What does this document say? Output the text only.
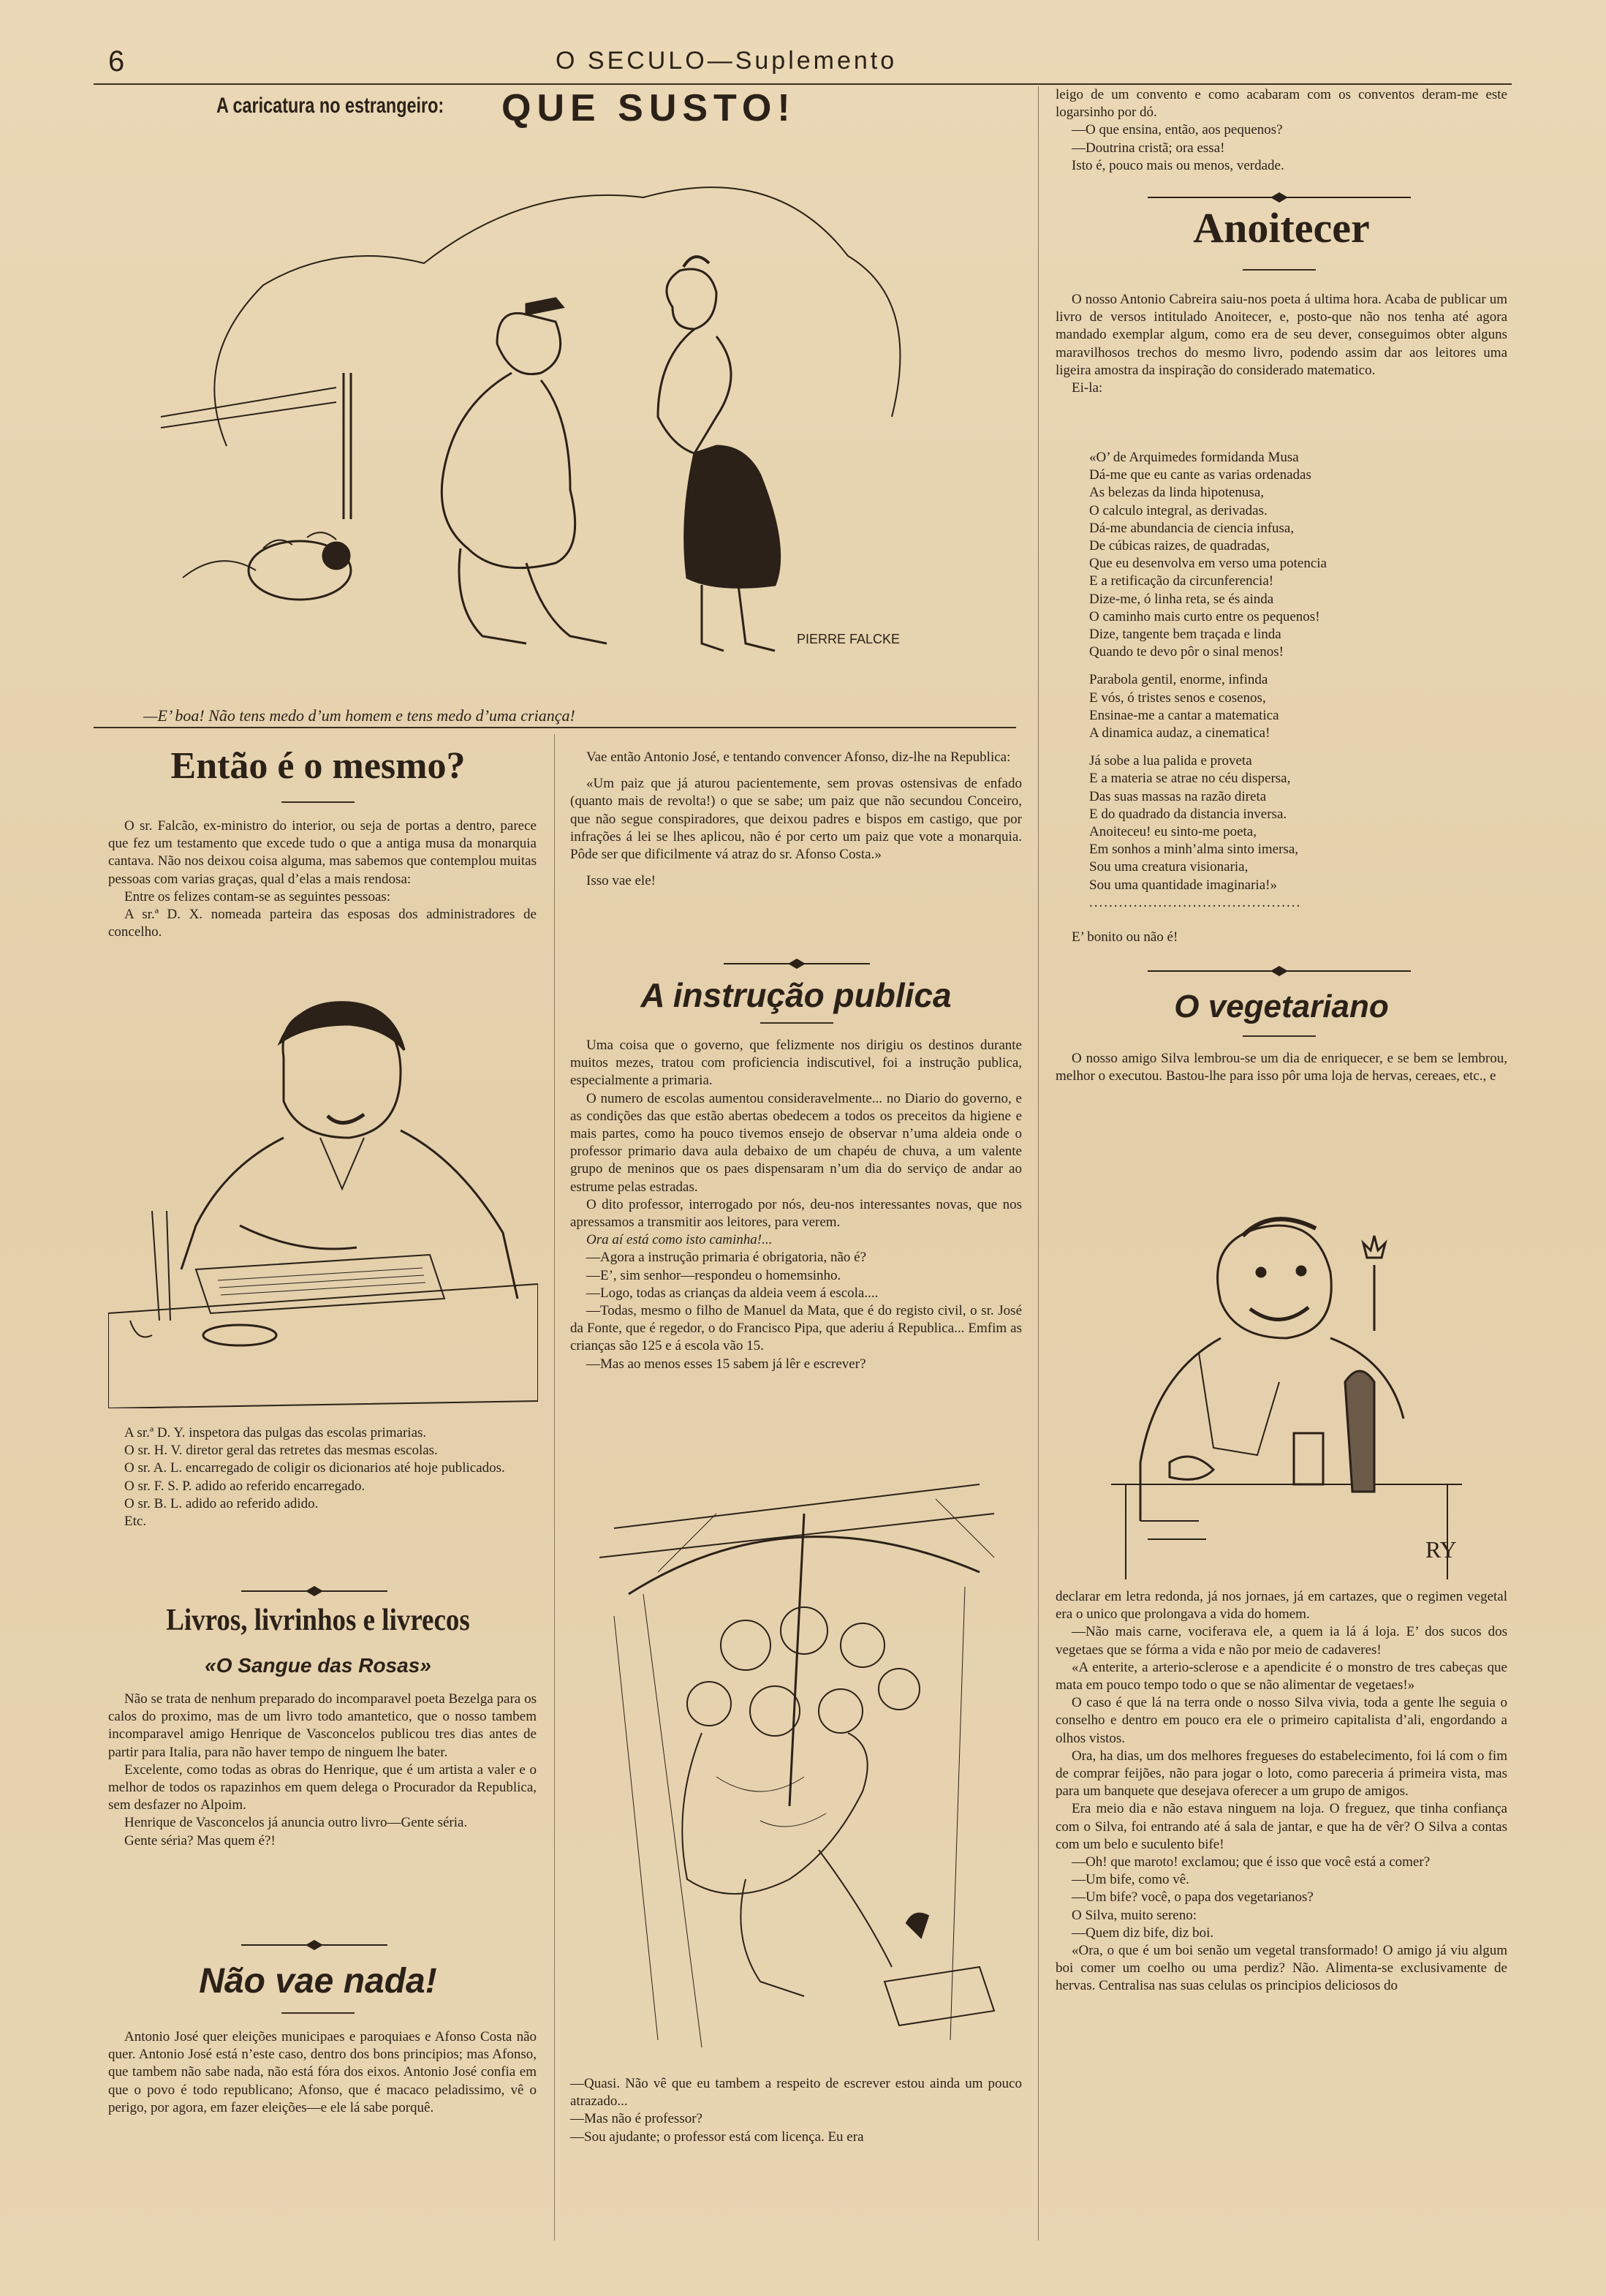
6	O SECULO—Suplemento
A caricatura no estrangeiro: QUE SUSTO!
PIERRE FALCKE
—E’ boa! Não tens medo d’um homem e tens medo d’uma criança!

leigo de um convento e como acabaram com os conventos deram-me este logarsinho por dó.

—O que ensina, então, aos pequenos?

—Doutrina cristã; ora essa!

Isto é, pouco mais ou menos, verdade.

Anoitecer

O nosso Antonio Cabreira saiu-nos poeta á ultima hora. Acaba de publicar um livro de versos intitulado Anoitecer, e, posto-que não nos tenha até agora mandado exemplar algum, como era de seu dever, conseguimos obter alguns maravilhosos trechos do mesmo livro, podendo assim dar aos leitores uma ligeira amostra da inspiração do considerado matematico.

Ei-la:

«O’ de Arquimedes formidanda Musa

Dá-me que eu cante as varias ordenadas

As belezas da linda hipotenusa,

O calculo integral, as derivadas.

Dá-me abundancia de ciencia infusa,

De cúbicas raizes, de quadradas,

Que eu desenvolva em verso uma potencia

E a retificação da circunferencia!

Dize-me, ó linha reta, se és ainda

O caminho mais curto entre os pequenos!

Dize, tangente bem traçada e linda

Quando te devo pôr o sinal menos!

Parabola gentil, enorme, infinda

E vós, ó tristes senos e cosenos,

Ensinae-me a cantar a matematica

A dinamica audaz, a cinematica!

Já sobe a lua palida e proveta

E a materia se atrae no céu dispersa,

Das suas massas na razão direta

E do quadrado da distancia inversa.

Anoiteceu! eu sinto-me poeta,

Em sonhos a minh’alma sinto imersa,

Sou uma creatura visionaria,

Sou uma quantidade imaginaria!»

...........................................

E’ bonito ou não é!

O vegetariano

O nosso amigo Silva lembrou-se um dia de enriquecer, e se bem se lembrou, melhor o executou. Bastou-lhe para isso pôr uma loja de hervas, cereaes, etc., e

RY

declarar em letra redonda, já nos jornaes, já em cartazes, que o regimen vegetal era o unico que prolongava a vida do homem.

—Não mais carne, vociferava ele, a quem ia lá á loja. E’ dos sucos dos vegetaes que se fórma a vida e não por meio de cadaveres!

«A enterite, a arterio-sclerose e a apendicite é o monstro de tres cabeças que mata em pouco tempo todo o que se não alimentar de vegetaes!»

O caso é que lá na terra onde o nosso Silva vivia, toda a gente lhe seguia o conselho e dentro em pouco era ele o primeiro capitalista d’ali, engordando a olhos vistos.

Ora, ha dias, um dos melhores fregueses do estabelecimento, foi lá com o fim de comprar feijões, não para jogar o loto, como pareceria á primeira vista, mas para um banquete que desejava oferecer a um grupo de amigos.

Era meio dia e não estava ninguem na loja. O freguez, que tinha confiança com o Silva, foi entrando até á sala de jantar, e que ha de vêr? O Silva a contas com um belo e suculento bife!

—Oh! que maroto! exclamou; que é isso que você está a comer?

—Um bife, como vê.

—Um bife? você, o papa dos vegetarianos?

O Silva, muito sereno:

—Quem diz bife, diz boi.

«Ora, o que é um boi senão um vegetal transformado! O amigo já viu algum boi comer um coelho ou uma perdiz? Não. Alimenta-se exclusivamente de hervas. Centralisa nas suas celulas os principios deliciosos do

Então é o mesmo?

O sr. Falcão, ex-ministro do interior, ou seja de portas a dentro, parece que fez um testamento que excede tudo o que a antiga musa da monarquia cantava. Não nos deixou coisa alguma, mas sabemos que contemplou muitas pessoas com varias graças, qual d’elas a mais rendosa:

Entre os felizes contam-se as seguintes pessoas:

A sr.ª D. X. nomeada parteira das esposas dos administradores de concelho.

A sr.ª D. Y. inspetora das pulgas das escolas primarias.

O sr. H. V. diretor geral das retretes das mesmas escolas.

O sr. A. L. encarregado de coligir os dicionarios até hoje publicados.

O sr. F. S. P. adido ao referido encarregado.

O sr. B. L. adido ao referido adido.

Etc.

Livros, livrinhos e livrecos
«O Sangue das Rosas»

Não se trata de nenhum preparado do incomparavel poeta Bezelga para os calos do proximo, mas de um livro todo amantetico, que o nosso tambem incomparavel amigo Henrique de Vasconcelos publicou tres dias antes de partir para Italia, para não haver tempo de ninguem lhe bater.

Excelente, como todas as obras do Henrique, que é um artista a valer e o melhor de todos os rapazinhos em quem delega o Procurador da Republica, sem desfazer no Alpoim.

Henrique de Vasconcelos já anuncia outro livro—Gente séria.

Gente séria? Mas quem é?!

Não vae nada!

Antonio José quer eleições municipaes e paroquiaes e Afonso Costa não quer. Antonio José está n’este caso, dentro dos bons principios; mas Afonso, que tambem não sabe nada, não está fóra dos eixos. Antonio José confia em que o povo é todo republicano; Afonso, que é macaco peladissimo, vê o perigo, por agora, em fazer eleições—e ele lá sabe porquê.

Vae então Antonio José, e tentando convencer Afonso, diz-lhe na Republica:

«Um paiz que já aturou pacientemente, sem provas ostensivas de enfado (quanto mais de revolta!) o que se sabe; um paiz que não secundou Conceiro, que não segue conspiradores, que deixou padres e bispos em castigo, que por infrações á lei se lhes aplicou, não é por certo um paiz que vote a monarquia. Pôde ser que dificilmente vá atraz do sr. Afonso Costa.»

Isso vae ele!

A instrução publica

Uma coisa que o governo, que felizmente nos dirigiu os destinos durante muitos mezes, tratou com proficiencia indiscutivel, foi a instrução publica, especialmente a primaria.

O numero de escolas aumentou consideravelmente... no Diario do governo, e as condições das que estão abertas obedecem a todos os preceitos da higiene e mais partes, como ha pouco tivemos ensejo de observar n’uma aldeia onde o professor primario dava aula debaixo de um chapéu de chuva, a um valente grupo de meninos que os paes dispensaram n’um dia do serviço de andar ao estrume pelas estradas.

O dito professor, interrogado por nós, deu-nos interessantes novas, que nos apressamos a transmitir aos leitores, para verem.

Ora aí está como isto caminha!...

—Agora a instrução primaria é obrigatoria, não é?

—E’, sim senhor—respondeu o homemsinho.

—Logo, todas as crianças da aldeia veem á escola....

—Todas, mesmo o filho de Manuel da Mata, que é do registo civil, o sr. José da Fonte, que é regedor, o do Francisco Pipa, que aderiu á Republica... Emfim as crianças são 125 e á escola vão 15.

—Mas ao menos esses 15 sabem já lêr e escrever?

—Quasi. Não vê que eu tambem a respeito de escrever estou ainda um pouco atrazado...

—Mas não é professor?

—Sou ajudante; o professor está com licença. Eu era
